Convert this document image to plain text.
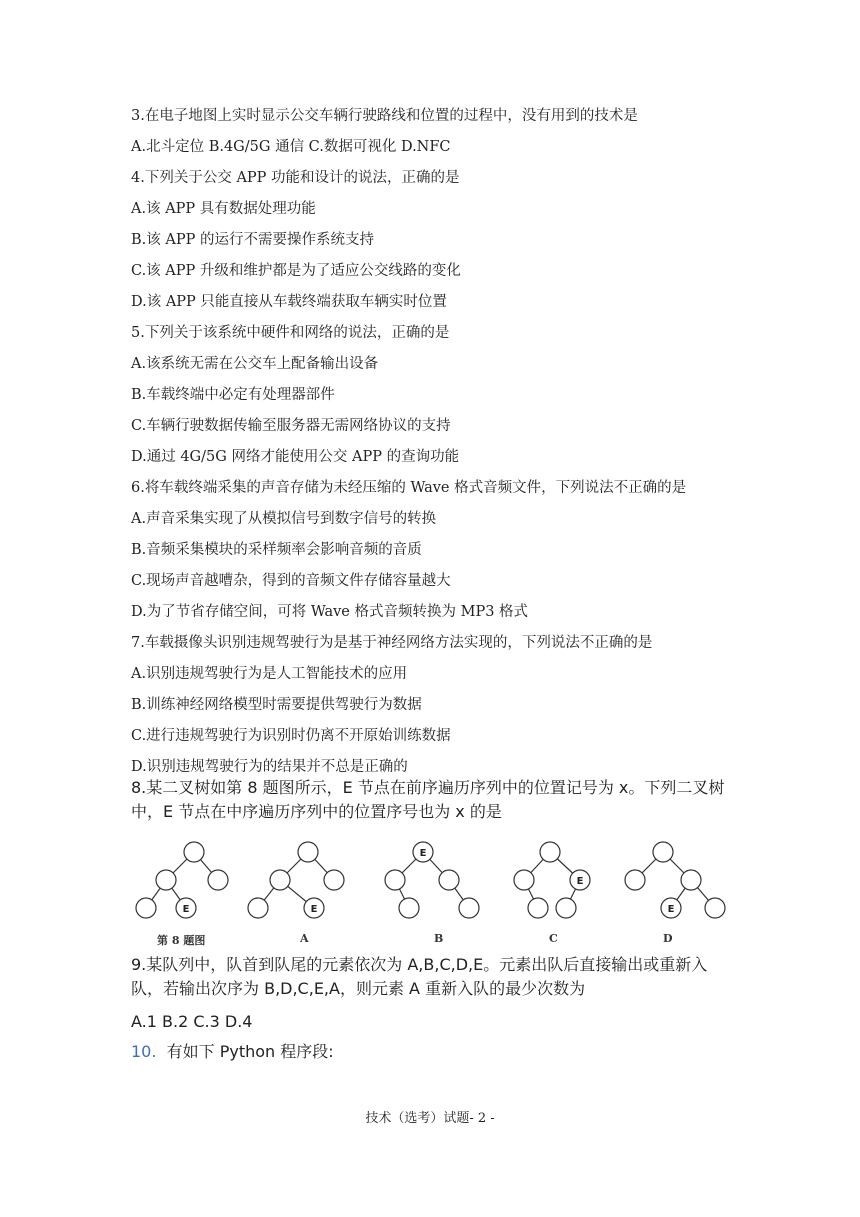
3.在电子地图上实时显示公交车辆行驶路线和位置的过程中，没有用到的技术是
A.北斗定位 B.4G/5G 通信 C.数据可视化 D.NFC
4.下列关于公交 APP 功能和设计的说法，正确的是
A.该 APP 具有数据处理功能
B.该 APP 的运行不需要操作系统支持
C.该 APP 升级和维护都是为了适应公交线路的变化
D.该 APP 只能直接从车载终端获取车辆实时位置
5.下列关于该系统中硬件和网络的说法，正确的是
A.该系统无需在公交车上配备输出设备
B.车载终端中必定有处理器部件
C.车辆行驶数据传输至服务器无需网络协议的支持
D.通过 4G/5G 网络才能使用公交 APP 的查询功能
6.将车载终端采集的声音存储为未经压缩的 Wave 格式音频文件，下列说法不正确的是
A.声音采集实现了从模拟信号到数字信号的转换
B.音频采集模块的采样频率会影响音频的音质
C.现场声音越嘈杂，得到的音频文件存储容量越大
D.为了节省存储空间，可将 Wave 格式音频转换为 MP3 格式
7.车载摄像头识别违规驾驶行为是基于神经网络方法实现的，下列说法不正确的是
A.识别违规驾驶行为是人工智能技术的应用
B.训练神经网络模型时需要提供驾驶行为数据
C.进行违规驾驶行为识别时仍离不开原始训练数据
D.识别违规驾驶行为的结果并不总是正确的
8.某二叉树如第 8 题图所示，E 节点在前序遍历序列中的位置记号为 x。下列二叉树中，E 节点在中序遍历序列中的位置序号也为 x 的是
E	E
E
E
E
第 8 题图	A	B	C	D
9.某队列中，队首到队尾的元素依次为 A,B,C,D,E。元素出队后直接输出或重新入队，若输出次序为 B,D,C,E,A，则元素 A 重新入队的最少次数为
A.1 B.2 C.3 D.4
10. 有如下 Python 程序段:
技术（选考）试题- 2 -
